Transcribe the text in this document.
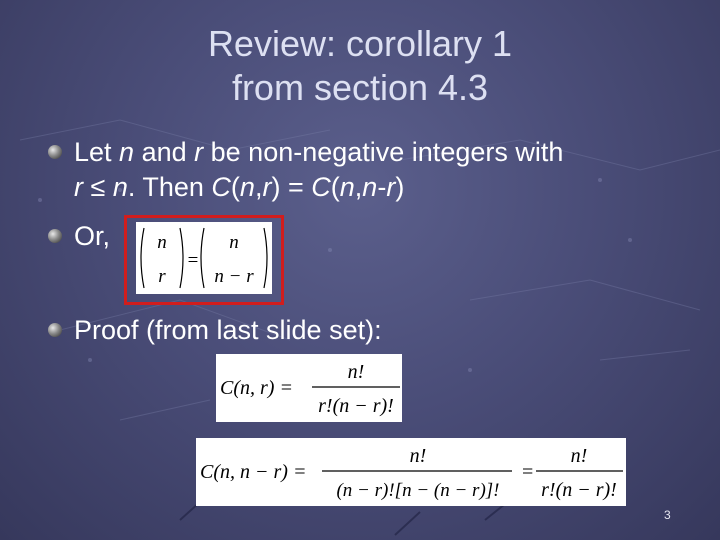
Review: corollary 1
from section 4.3
Let n and r be non-negative integers with
r ≤ n. Then C(n,r) = C(n,n-r)
Or, n
r
=
n
n − r
Proof (from last slide set):
C(n, r) =
n!
r!(n − r)!
C(n, n − r) =
n!
(n − r)![n − (n − r)]!
=
n!
r!(n − r)!
3
